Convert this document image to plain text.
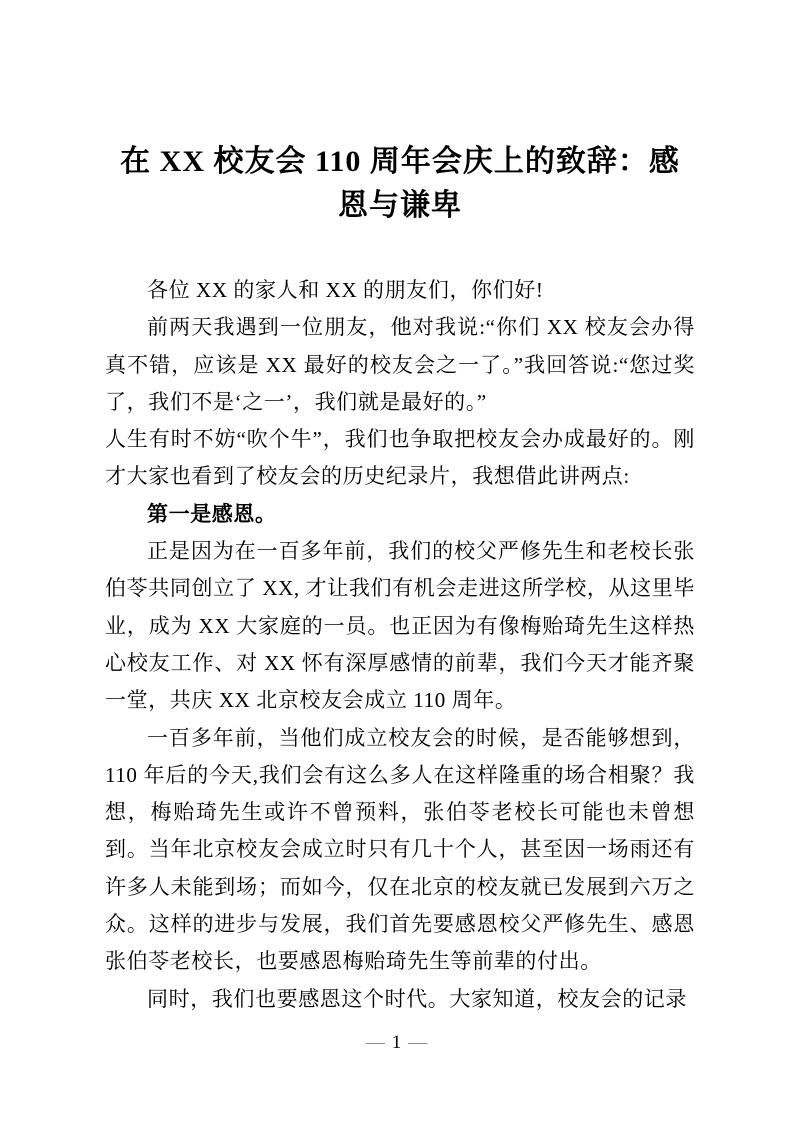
在 XX 校友会 110 周年会庆上的致辞：感恩与谦卑

各位 XX 的家人和 XX 的朋友们，你们好!

前两天我遇到一位朋友，他对我说:“你们 XX 校友会办得真不错，应该是 XX 最好的校友会之一了。”我回答说:“您过奖了，我们不是‘之一’，我们就是最好的。”

人生有时不妨“吹个牛”，我们也争取把校友会办成最好的。刚才大家也看到了校友会的历史纪录片，我想借此讲两点:

第一是感恩。

正是因为在一百多年前，我们的校父严修先生和老校长张伯苓共同创立了 XX, 才让我们有机会走进这所学校，从这里毕业，成为 XX 大家庭的一员。也正因为有像梅贻琦先生这样热心校友工作、对 XX 怀有深厚感情的前辈，我们今天才能齐聚一堂，共庆 XX 北京校友会成立 110 周年。

一百多年前，当他们成立校友会的时候，是否能够想到，110 年后的今天,我们会有这么多人在这样隆重的场合相聚？我想，梅贻琦先生或许不曾预料，张伯苓老校长可能也未曾想到。当年北京校友会成立时只有几十个人，甚至因一场雨还有许多人未能到场；而如今，仅在北京的校友就已发展到六万之众。这样的进步与发展，我们首先要感恩校父严修先生、感恩张伯苓老校长，也要感恩梅贻琦先生等前辈的付出。

同时，我们也要感恩这个时代。大家知道，校友会的记录

— 1 —
